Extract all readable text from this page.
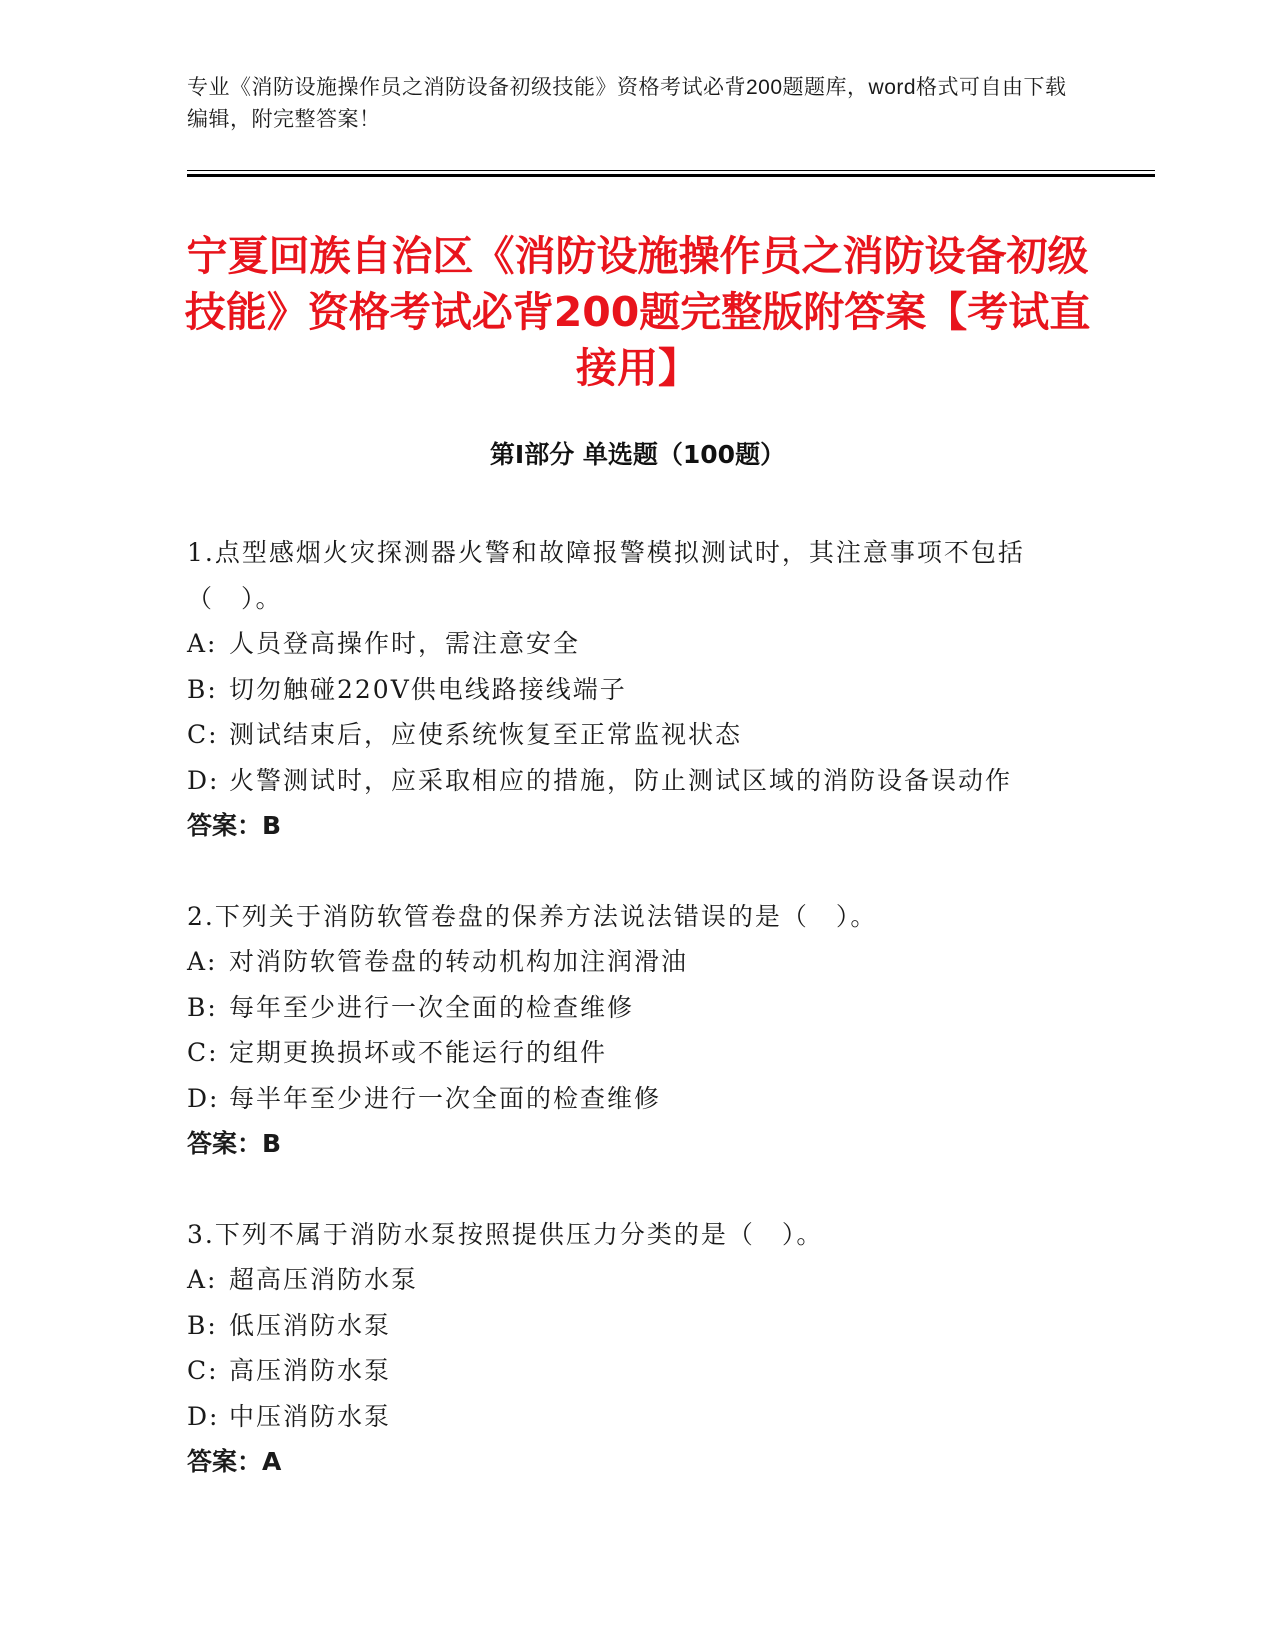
专业《消防设施操作员之消防设备初级技能》资格考试必背200题题库，word格式可自由下载编辑，附完整答案！
宁夏回族自治区《消防设施操作员之消防设备初级技能》资格考试必背200题完整版附答案【考试直接用】
第Ⅰ部分 单选题（100题）

1.点型感烟火灾探测器火警和故障报警模拟测试时，其注意事项不包括（　）。

A: 人员登高操作时，需注意安全

B: 切勿触碰220V供电线路接线端子

C: 测试结束后，应使系统恢复至正常监视状态

D: 火警测试时，应采取相应的措施，防止测试区域的消防设备误动作

答案：B

2.下列关于消防软管卷盘的保养方法说法错误的是（　）。

A: 对消防软管卷盘的转动机构加注润滑油

B: 每年至少进行一次全面的检查维修

C: 定期更换损坏或不能运行的组件

D: 每半年至少进行一次全面的检查维修

答案：B

3.下列不属于消防水泵按照提供压力分类的是（　）。

A: 超高压消防水泵

B: 低压消防水泵

C: 高压消防水泵

D: 中压消防水泵

答案：A
